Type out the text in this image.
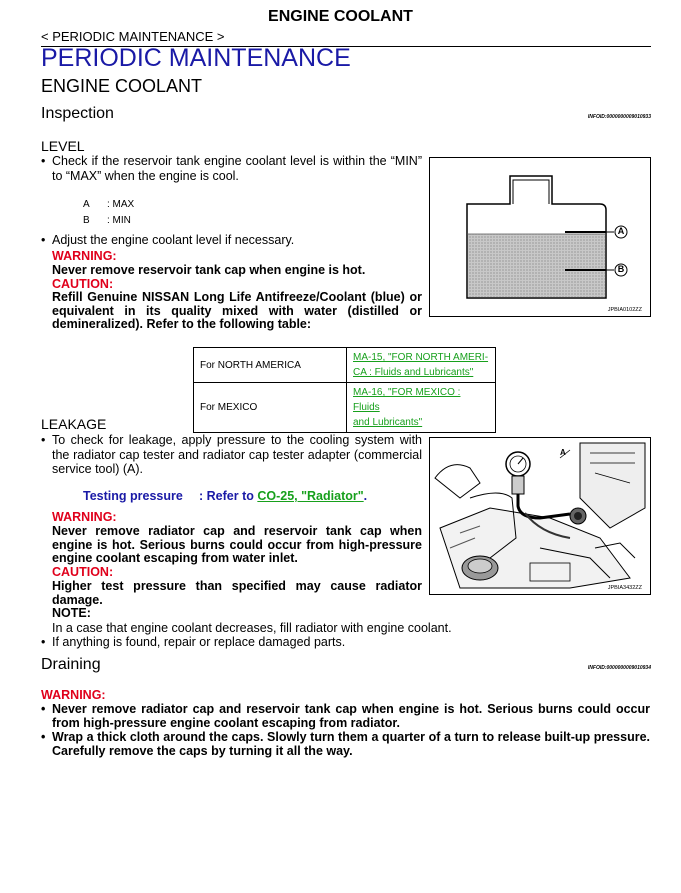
ENGINE COOLANT
< PERIODIC MAINTENANCE >
PERIODIC MAINTENANCE
ENGINE COOLANT
Inspection	INFOID:0000000009010933
LEVEL
• Check if the reservoir tank engine coolant level is within the “MIN” to “MAX” when the engine is cool.
A : MAX
B : MIN
• Adjust the engine coolant level if necessary.
WARNING:
Never remove reservoir tank cap when engine is hot.
CAUTION:
Refill Genuine NISSAN Long Life Antifreeze/Coolant (blue) or equivalent in its quality mixed with water (distilled or demineralized). Refer to the following table:
A
B
JPBIA0102ZZ
For NORTH AMERICA	MA-15, "FOR NORTH AMERI-
CA : Fluids and Lubricants"

For MEXICO	MA-16, "FOR MEXICO : Fluids
and Lubricants"
LEAKAGE
• To check for leakage, apply pressure to the cooling system with the radiator cap tester and radiator cap tester adapter (commercial service tool) (A).
Testing pressure : Refer to CO-25, "Radiator".
WARNING:
Never remove radiator cap and reservoir tank cap when engine is hot. Serious burns could occur from high-pressure engine coolant escaping from water inlet.
CAUTION:
Higher test pressure than specified may cause radiator damage.
NOTE:
In a case that engine coolant decreases, fill radiator with engine coolant.
• If anything is found, repair or replace damaged parts.
A
JPBIA3432ZZ
Draining	INFOID:0000000009010934
WARNING:
• Never remove radiator cap and reservoir tank cap when engine is hot. Serious burns could occur from high-pressure engine coolant escaping from radiator.
• Wrap a thick cloth around the caps. Slowly turn them a quarter of a turn to release built-up pressure. Carefully remove the caps by turning it all the way.
